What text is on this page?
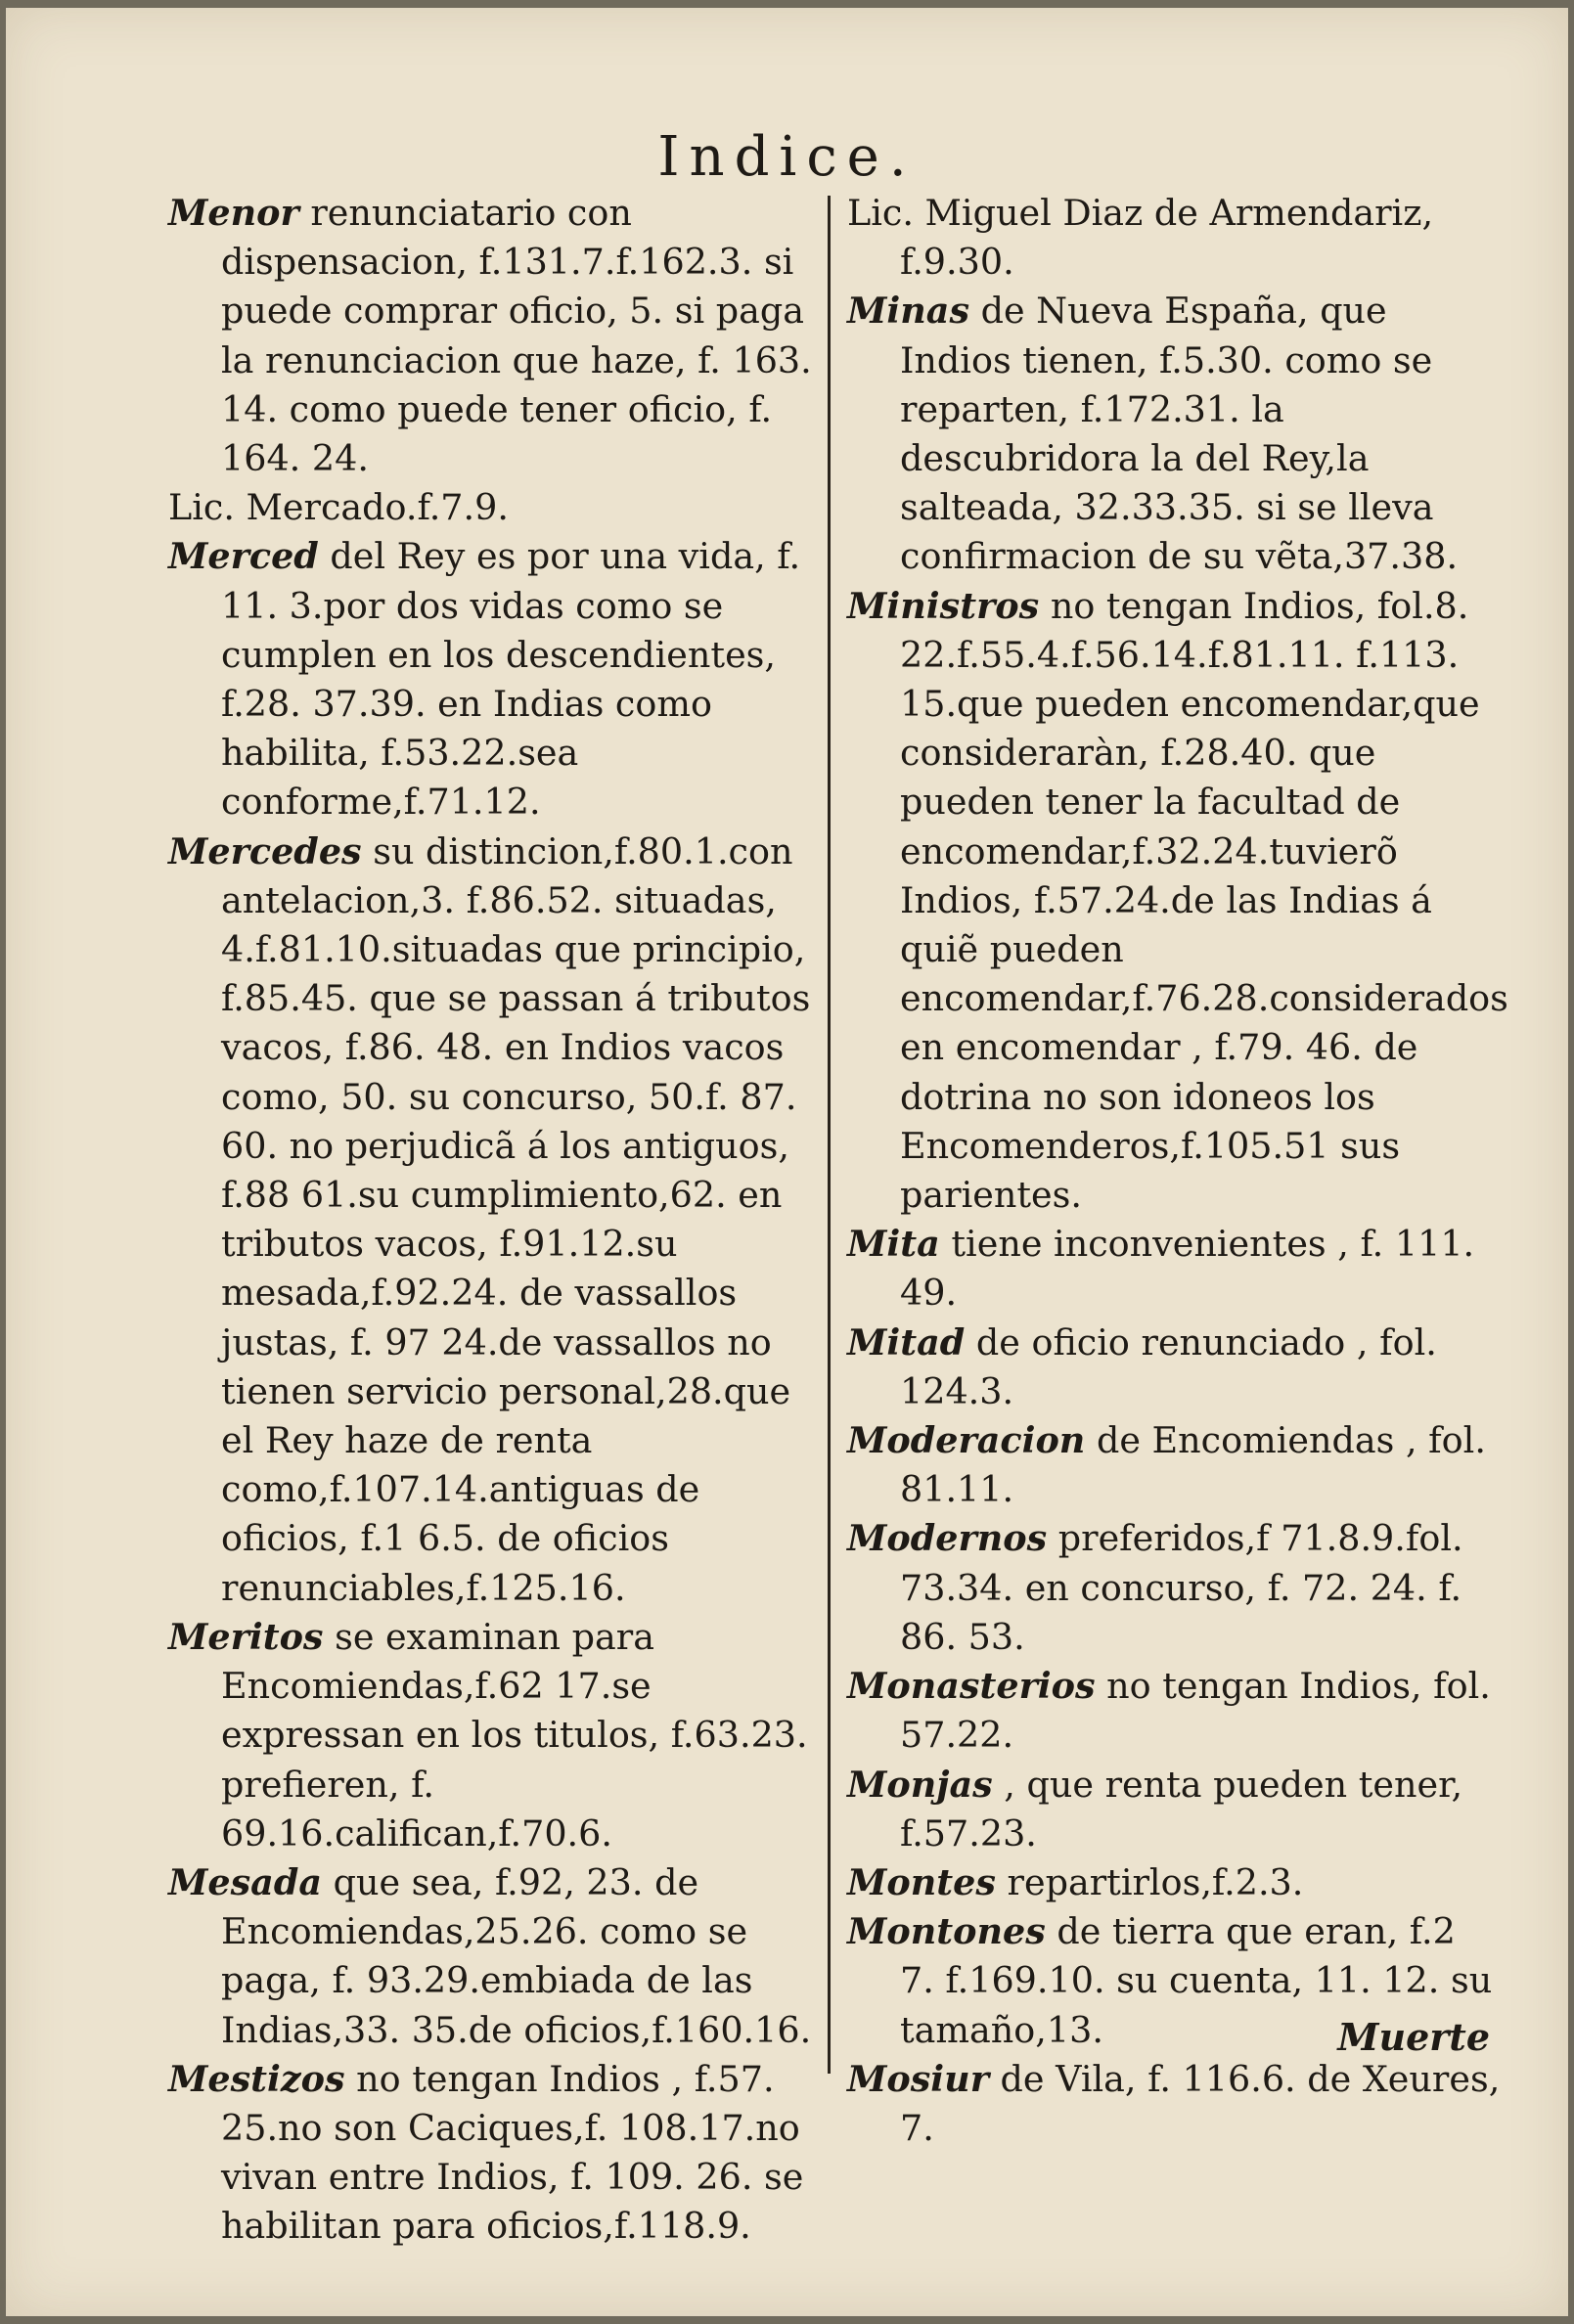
Indice.

Menor renunciatario con dispensacion, f.131.7.f.162.3. si puede comprar oficio, 5. si paga la renunciacion que haze, f. 163. 14. como puede tener oficio, f. 164. 24.

Lic. Mercado.f.7.9.

Merced del Rey es por una vida, f. 11. 3.por dos vidas como se cumplen en los descendientes, f.28. 37.39. en Indias como habilita, f.53.22.sea conforme,f.71.12.

Mercedes su distincion,f.80.1.con antelacion,3. f.86.52. situadas, 4.f.81.10.situadas que principio, f.85.45. que se passan á tributos vacos, f.86. 48. en Indios vacos como, 50. su concurso, 50.f. 87. 60. no perjudicã á los antiguos, f.88 61.su cumplimiento,62. en tributos vacos, f.91.12.su mesada,f.92.24. de vassallos justas, f. 97 24.de vassallos no tienen servicio personal,28.que el Rey haze de renta como,f.107.14.antiguas de oficios, f.1 6.5. de oficios renunciables,f.125.16.

Meritos se examinan para Encomiendas,f.62 17.se expressan en los titulos, f.63.23. prefieren, f. 69.16.califican,f.70.6.

Mesada que sea, f.92, 23. de Encomiendas,25.26. como se paga, f. 93.29.embiada de las Indias,33. 35.de oficios,f.160.16.

Mestizos no tengan Indios , f.57. 25.no son Caciques,f. 108.17.no vivan entre Indios, f. 109. 26. se habilitan para oficios,f.118.9.

Lic. Miguel Diaz de Armendariz, f.9.30.

Minas de Nueva España, que Indios tienen, f.5.30. como se reparten, f.172.31. la descubridora la del Rey,la salteada, 32.33.35. si se lleva confirmacion de su vẽta,37.38.

Ministros no tengan Indios, fol.8. 22.f.55.4.f.56.14.f.81.11. f.113. 15.que pueden encomendar,que consideraràn, f.28.40. que pueden tener la facultad de encomendar,f.32.24.tuvierõ Indios, f.57.24.de las Indias á quiẽ pueden encomendar,f.76.28.considerados en encomendar , f.79. 46. de dotrina no son idoneos los Encomenderos,f.105.51 sus parientes.

Mita tiene inconvenientes , f. 111. 49.

Mitad de oficio renunciado , fol. 124.3.

Moderacion de Encomiendas , fol. 81.11.

Modernos preferidos,f 71.8.9.fol. 73.34. en concurso, f. 72. 24. f. 86. 53.

Monasterios no tengan Indios, fol. 57.22.

Monjas , que renta pueden tener, f.57.23.

Montes repartirlos,f.2.3.

Montones de tierra que eran, f.2 7. f.169.10. su cuenta, 11. 12. su tamaño,13.

Mosiur de Vila, f. 116.6. de Xeures, 7.

Muerte
